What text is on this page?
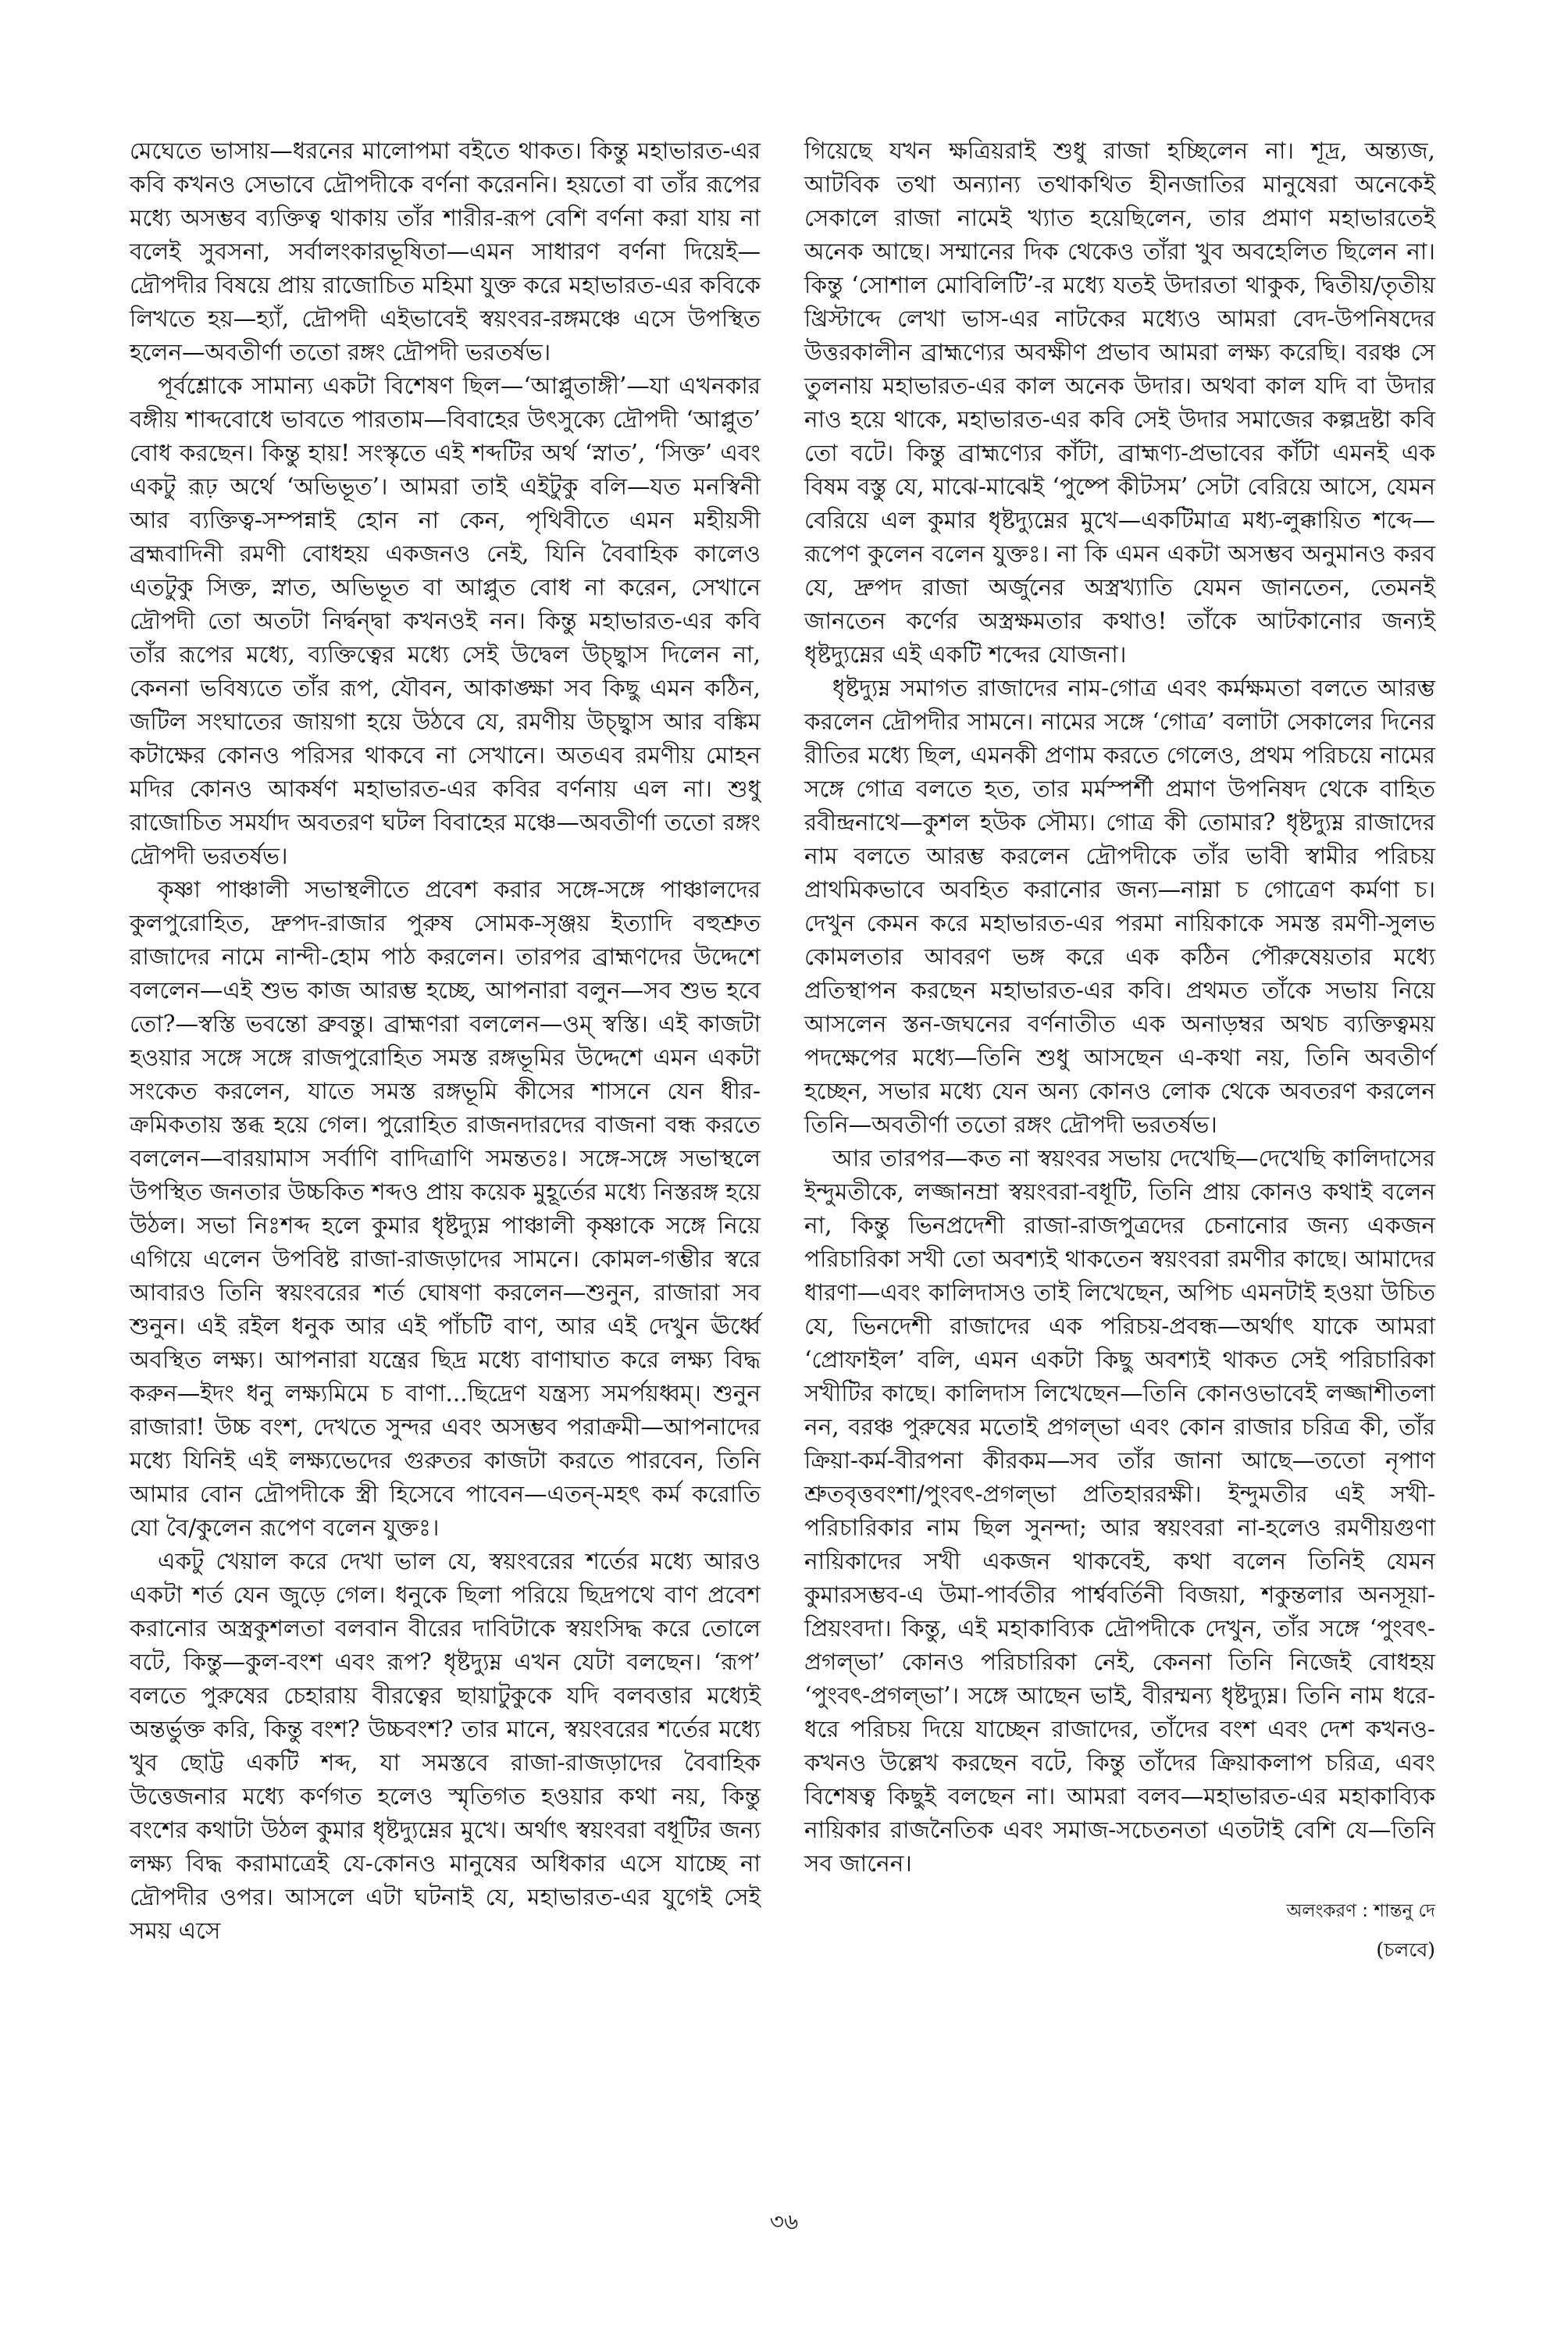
মেঘেতে ভাসায়—ধরনের মালোপমা বইতে থাকত। কিন্তু মহাভারত-এর কবি কখনও সেভাবে দ্রৌপদীকে বর্ণনা করেননি। হয়তো বা তাঁর রূপের মধ্যে অসম্ভব ব্যক্তিত্ব থাকায় তাঁর শারীর-রূপ বেশি বর্ণনা করা যায় না বলেই সুবসনা, সর্বালংকারভূষিতা—এমন সাধারণ বর্ণনা দিয়েই—দ্রৌপদীর বিষয়ে প্রায় রাজোচিত মহিমা যুক্ত করে মহাভারত-এর কবিকে লিখতে হয়—হ্যাঁ, দ্রৌপদী এইভাবেই স্বয়ংবর-রঙ্গমঞ্চে এসে উপস্থিত হলেন—অবতীর্ণা ততো রঙ্গং দ্রৌপদী ভরতর্ষভ।

পূর্বশ্লোকে সামান্য একটা বিশেষণ ছিল—‘আপ্লুতাঙ্গী’—যা এখনকার বঙ্গীয় শাব্দবোধে ভাবতে পারতাম—বিবাহের উৎসুক্যে দ্রৌপদী ‘আপ্লুত’ বোধ করছেন। কিন্তু হায়! সংস্কৃতে এই শব্দটির অর্থ ‘স্নাত’, ‘সিক্ত’ এবং একটু রূঢ় অর্থে ‘অভিভূত’। আমরা তাই এইটুকু বলি—যত মনস্বিনী আর ব্যক্তিত্ব-সম্পন্নাই হোন না কেন, পৃথিবীতে এমন মহীয়সী ব্রহ্মবাদিনী রমণী বোধহয় একজনও নেই, যিনি বৈবাহিক কালেও এতটুকু সিক্ত, স্নাত, অভিভূত বা আপ্লুত বোধ না করেন, সেখানে দ্রৌপদী তো অতটা নির্দ্বন্দ্বা কখনওই নন। কিন্তু মহাভারত-এর কবি তাঁর রূপের মধ্যে, ব্যক্তিত্বের মধ্যে সেই উদ্বেল উচ্ছ্বাস দিলেন না, কেননা ভবিষ্যতে তাঁর রূপ, যৌবন, আকাঙ্ক্ষা সব কিছু এমন কঠিন, জটিল সংঘাতের জায়গা হয়ে উঠবে যে, রমণীয় উচ্ছ্বাস আর বঙ্কিম কটাক্ষের কোনও পরিসর থাকবে না সেখানে। অতএব রমণীয় মোহন মদির কোনও আকর্ষণ মহাভারত-এর কবির বর্ণনায় এল না। শুধু রাজোচিত সমর্যাদ অবতরণ ঘটল বিবাহের মঞ্চে—অবতীর্ণা ততো রঙ্গং দ্রৌপদী ভরতর্ষভ।

কৃষ্ণা পাঞ্চালী সভাস্থলীতে প্রবেশ করার সঙ্গে-সঙ্গে পাঞ্চালদের কুলপুরোহিত, দ্রুপদ-রাজার পুরুষ সোমক-সৃঞ্জয় ইত্যাদি বহুশ্রুত রাজাদের নামে নান্দী-হোম পাঠ করলেন। তারপর ব্রাহ্মণদের উদ্দেশে বললেন—এই শুভ কাজ আরম্ভ হচ্ছে, আপনারা বলুন—সব শুভ হবে তো?—স্বস্তি ভবন্তো ব্রুবন্তু। ব্রাহ্মণরা বললেন—ওম্ স্বস্তি। এই কাজটা হওয়ার সঙ্গে সঙ্গে রাজপুরোহিত সমস্ত রঙ্গভূমির উদ্দেশে এমন একটা সংকেত করলেন, যাতে সমস্ত রঙ্গভূমি কীসের শাসনে যেন ধীর-ক্রমিকতায় স্তব্ধ হয়ে গেল। পুরোহিত রাজনদারদের বাজনা বন্ধ করতে বললেন—বারয়ামাস সর্বাণি বাদিত্রাণি সমন্ততঃ। সঙ্গে-সঙ্গে সভাস্থলে উপস্থিত জনতার উচ্চকিত শব্দও প্রায় কয়েক মুহূর্তের মধ্যে নিস্তরঙ্গ হয়ে উঠল। সভা নিঃশব্দ হলে কুমার ধৃষ্টদ্যুম্ন পাঞ্চালী কৃষ্ণাকে সঙ্গে নিয়ে এগিয়ে এলেন উপবিষ্ট রাজা-রাজড়াদের সামনে। কোমল-গম্ভীর স্বরে আবারও তিনি স্বয়ংবরের শর্ত ঘোষণা করলেন—শুনুন, রাজারা সব শুনুন। এই রইল ধনুক আর এই পাঁচটি বাণ, আর এই দেখুন ঊর্ধ্বে অবস্থিত লক্ষ্য। আপনারা যন্ত্রের ছিদ্র মধ্যে বাণাঘাত করে লক্ষ্য বিদ্ধ করুন—ইদং ধনু লক্ষ্যমিমে চ বাণা...ছিদ্রেণ যন্ত্রস্য সমর্পয়ধ্বম্। শুনুন রাজারা! উচ্চ বংশ, দেখতে সুন্দর এবং অসম্ভব পরাক্রমী—আপনাদের মধ্যে যিনিই এই লক্ষ্যভেদের গুরুতর কাজটা করতে পারবেন, তিনি আমার বোন দ্রৌপদীকে স্ত্রী হিসেবে পাবেন—এতন্-মহৎ কর্ম করোতি যো বৈ/কুলেন রূপেণ বলেন যুক্তঃ।

একটু খেয়াল করে দেখা ভাল যে, স্বয়ংবরের শর্তের মধ্যে আরও একটা শর্ত যেন জুড়ে গেল। ধনুকে ছিলা পরিয়ে ছিদ্রপথে বাণ প্রবেশ করানোর অস্ত্রকুশলতা বলবান বীরের দাবিটাকে স্বয়ংসিদ্ধ করে তোলে বটে, কিন্তু—কুল-বংশ এবং রূপ? ধৃষ্টদ্যুম্ন এখন যেটা বলছেন। ‘রূপ’ বলতে পুরুষের চেহারায় বীরত্বের ছায়াটুকুকে যদি বলবত্তার মধ্যেই অন্তর্ভুক্ত করি, কিন্তু বংশ? উচ্চবংশ? তার মানে, স্বয়ংবরের শর্তের মধ্যে খুব ছোট্ট একটি শব্দ, যা সমস্তবে রাজা-রাজড়াদের বৈবাহিক উত্তেজনার মধ্যে কর্ণগত হলেও স্মৃতিগত হওয়ার কথা নয়, কিন্তু বংশের কথাটা উঠল কুমার ধৃষ্টদ্যুম্নের মুখে। অর্থাৎ স্বয়ংবরা বধূটির জন্য লক্ষ্য বিদ্ধ করামাত্রেই যে-কোনও মানুষের অধিকার এসে যাচ্ছে না দ্রৌপদীর ওপর। আসলে এটা ঘটনাই যে, মহাভারত-এর যুগেই সেই সময় এসে

গিয়েছে যখন ক্ষত্রিয়রাই শুধু রাজা হচ্ছিলেন না। শূদ্র, অন্ত্যজ, আটবিক তথা অন্যান্য তথাকথিত হীনজাতির মানুষেরা অনেকেই সেকালে রাজা নামেই খ্যাত হয়েছিলেন, তার প্রমাণ মহাভারতেই অনেক আছে। সম্মানের দিক থেকেও তাঁরা খুব অবহেলিত ছিলেন না। কিন্তু ‘সোশাল মোবিলিটি’-র মধ্যে যতই উদারতা থাকুক, দ্বিতীয়/তৃতীয় খ্রিস্টাব্দে লেখা ভাস-এর নাটকের মধ্যেও আমরা বেদ-উপনিষদের উত্তরকালীন ব্রাহ্মণ্যের অবক্ষীণ প্রভাব আমরা লক্ষ্য করেছি। বরঞ্চ সে তুলনায় মহাভারত-এর কাল অনেক উদার। অথবা কাল যদি বা উদার নাও হয়ে থাকে, মহাভারত-এর কবি সেই উদার সমাজের কল্পদ্রষ্টা কবি তো বটে। কিন্তু ব্রাহ্মণ্যের কাঁটা, ব্রাহ্মণ্য-প্রভাবের কাঁটা এমনই এক বিষম বস্তু যে, মাঝে-মাঝেই ‘পুষ্পে কীটসম’ সেটা বেরিয়ে আসে, যেমন বেরিয়ে এল কুমার ধৃষ্টদ্যুম্নের মুখে—একটিমাত্র মধ্য-লুক্কায়িত শব্দে—রূপেণ কুলেন বলেন যুক্তঃ। না কি এমন একটা অসম্ভব অনুমানও করব যে, দ্রুপদ রাজা অর্জুনের অস্ত্রখ্যাতি যেমন জানতেন, তেমনই জানতেন কর্ণের অস্ত্রক্ষমতার কথাও! তাঁকে আটকানোর জন্যই ধৃষ্টদ্যুম্নের এই একটি শব্দের যোজনা।

ধৃষ্টদ্যুম্ন সমাগত রাজাদের নাম-গোত্র এবং কর্মক্ষমতা বলতে আরম্ভ করলেন দ্রৌপদীর সামনে। নামের সঙ্গে ‘গোত্র’ বলাটা সেকালের দিনের রীতির মধ্যে ছিল, এমনকী প্রণাম করতে গেলেও, প্রথম পরিচয়ে নামের সঙ্গে গোত্র বলতে হত, তার মর্মস্পর্শী প্রমাণ উপনিষদ থেকে বাহিত রবীন্দ্রনাথে—কুশল হউক সৌম্য। গোত্র কী তোমার? ধৃষ্টদ্যুম্ন রাজাদের নাম বলতে আরম্ভ করলেন দ্রৌপদীকে তাঁর ভাবী স্বামীর পরিচয় প্রাথমিকভাবে অবহিত করানোর জন্য—নাম্না চ গোত্রেণ কর্মণা চ। দেখুন কেমন করে মহাভারত-এর পরমা নায়িকাকে সমস্ত রমণী-সুলভ কোমলতার আবরণ ভঙ্গ করে এক কঠিন পৌরুষেয়তার মধ্যে প্রতিস্থাপন করছেন মহাভারত-এর কবি। প্রথমত তাঁকে সভায় নিয়ে আসলেন স্তন-জঘনের বর্ণনাতীত এক অনাড়ম্বর অথচ ব্যক্তিত্বময় পদক্ষেপের মধ্যে—তিনি শুধু আসছেন এ-কথা নয়, তিনি অবতীর্ণ হচ্ছেন, সভার মধ্যে যেন অন্য কোনও লোক থেকে অবতরণ করলেন তিনি—অবতীর্ণা ততো রঙ্গং দ্রৌপদী ভরতর্ষভ।

আর তারপর—কত না স্বয়ংবর সভায় দেখেছি—দেখেছি কালিদাসের ইন্দুমতীকে, লজ্জানম্রা স্বয়ংবরা-বধূটি, তিনি প্রায় কোনও কথাই বলেন না, কিন্তু ভিনপ্রদেশী রাজা-রাজপুত্রদের চেনানোর জন্য একজন পরিচারিকা সখী তো অবশ্যই থাকতেন স্বয়ংবরা রমণীর কাছে। আমাদের ধারণা—এবং কালিদাসও তাই লিখেছেন, অপিচ এমনটাই হওয়া উচিত যে, ভিনদেশী রাজাদের এক পরিচয়-প্রবন্ধ—অর্থাৎ যাকে আমরা ‘প্রোফাইল’ বলি, এমন একটা কিছু অবশ্যই থাকত সেই পরিচারিকা সখীটির কাছে। কালিদাস লিখেছেন—তিনি কোনওভাবেই লজ্জাশীতলা নন, বরঞ্চ পুরুষের মতোই প্রগল্ভা এবং কোন রাজার চরিত্র কী, তাঁর ক্রিয়া-কর্ম-বীরপনা কীরকম—সব তাঁর জানা আছে—ততো নৃপাণ শ্রুতবৃত্তবংশা/পুংবৎ-প্রগল্ভা প্রতিহাররক্ষী। ইন্দুমতীর এই সখী-পরিচারিকার নাম ছিল সুনন্দা; আর স্বয়ংবরা না-হলেও রমণীয়গুণা নায়িকাদের সখী একজন থাকবেই, কথা বলেন তিনিই যেমন কুমারসম্ভব-এ উমা-পার্বতীর পার্শ্ববর্তিনী বিজয়া, শকুন্তলার অনসূয়া-প্রিয়ংবদা। কিন্তু, এই মহাকাব্যিক দ্রৌপদীকে দেখুন, তাঁর সঙ্গে ‘পুংবৎ-প্রগল্ভা’ কোনও পরিচারিকা নেই, কেননা তিনি নিজেই বোধহয় ‘পুংবৎ-প্রগল্ভা’। সঙ্গে আছেন ভাই, বীরম্মন্য ধৃষ্টদ্যুম্ন। তিনি নাম ধরে-ধরে পরিচয় দিয়ে যাচ্ছেন রাজাদের, তাঁদের বংশ এবং দেশ কখনও-কখনও উল্লেখ করছেন বটে, কিন্তু তাঁদের ক্রিয়াকলাপ চরিত্র, এবং বিশেষত্ব কিছুই বলছেন না। আমরা বলব—মহাভারত-এর মহাকাব্যিক নায়িকার রাজনৈতিক এবং সমাজ-সচেতনতা এতটাই বেশি যে—তিনি সব জানেন।

অলংকরণ : শান্তনু দে
(চলবে)
৩৬
